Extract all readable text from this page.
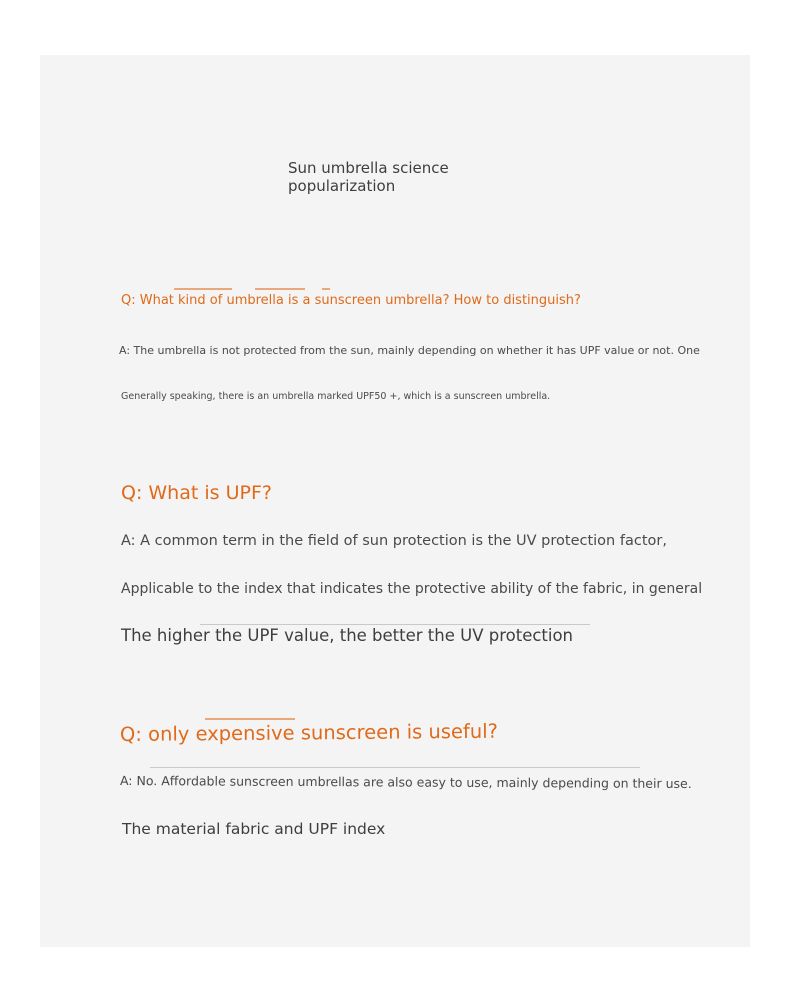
Sun umbrella science popularization
Q: What kind of umbrella is a sunscreen umbrella? How to distinguish?
A: The umbrella is not protected from the sun, mainly depending on whether it has UPF value or not. One
Generally speaking, there is an umbrella marked UPF50 +, which is a sunscreen umbrella.
Q: What is UPF?
A: A common term in the field of sun protection is the UV protection factor,
Applicable to the index that indicates the protective ability of the fabric, in general
The higher the UPF value, the better the UV protection
Q: only expensive sunscreen is useful?
A: No. Affordable sunscreen umbrellas are also easy to use, mainly depending on their use.
The material fabric and UPF index
